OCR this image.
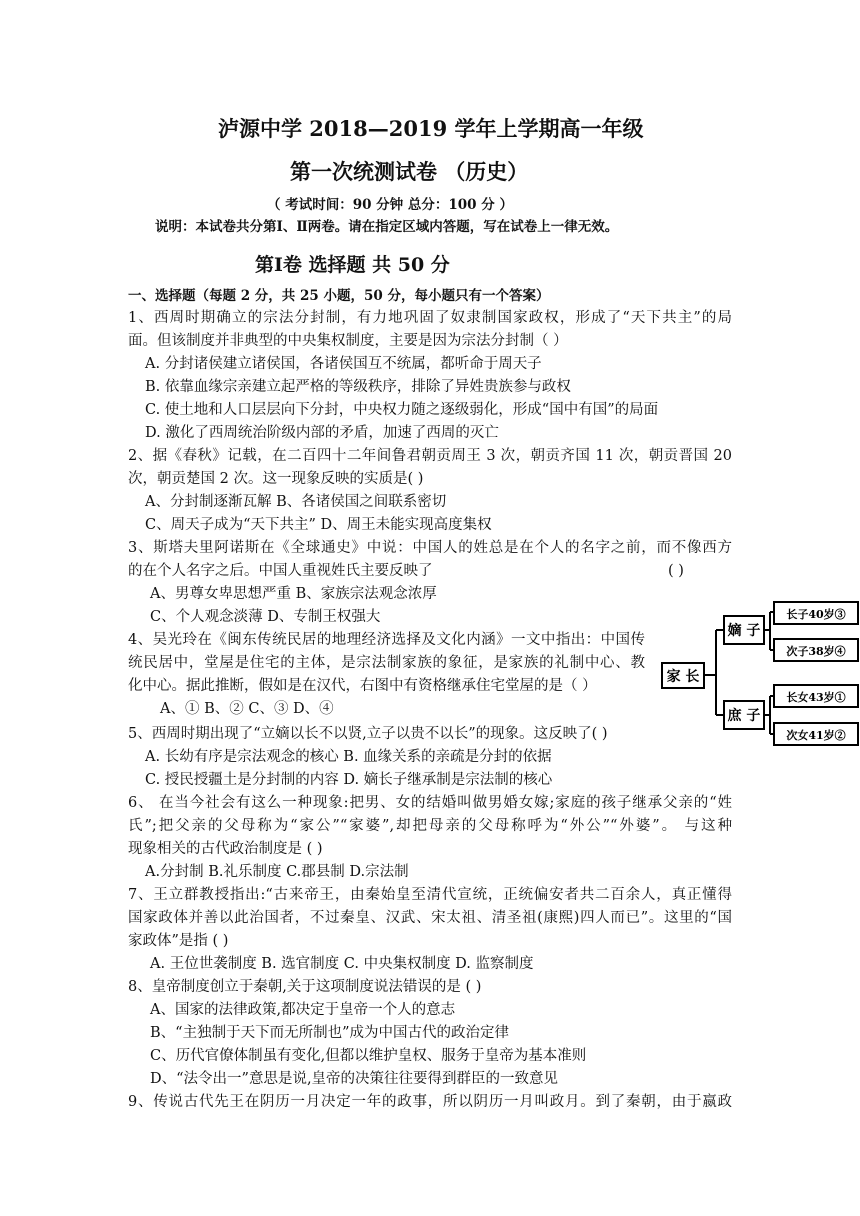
泸源中学 2018—2019 学年上学期高一年级
第一次统测试卷 （历史）
（ 考试时间：90 分钟 总分：100 分 ）
说明：本试卷共分第Ⅰ、Ⅱ两卷。请在指定区域内答题，写在试卷上一律无效。
第Ⅰ卷 选择题 共 50 分
一、选择题（每题 2 分，共 25 小题，50 分，每小题只有一个答案）
1、西周时期确立的宗法分封制，有力地巩固了奴隶制国家政权，形成了“天下共主”的局
面。但该制度并非典型的中央集权制度，主要是因为宗法分封制（ ）
A. 分封诸侯建立诸侯国，各诸侯国互不统属，都听命于周天子
B. 依靠血缘宗亲建立起严格的等级秩序，排除了异姓贵族参与政权
C. 使土地和人口层层向下分封，中央权力随之逐级弱化，形成“国中有国”的局面
D. 激化了西周统治阶级内部的矛盾，加速了西周的灭亡
2、据《春秋》记载，在二百四十二年间鲁君朝贡周王 3 次，朝贡齐国 11 次，朝贡晋国 20
次，朝贡楚国 2 次。这一现象反映的实质是( )
A、分封制逐渐瓦解 B、各诸侯国之间联系密切
C、周天子成为“天下共主” D、周王未能实现高度集权
3、斯塔夫里阿诺斯在《全球通史》中说：中国人的姓总是在个人的名字之前，而不像西方
的在个人名字之后。中国人重视姓氏主要反映了	( )
A、男尊女卑思想严重 B、家族宗法观念浓厚
C、个人观念淡薄 D、专制王权强大
4、吴光玲在《闽东传统民居的地理经济选择及文化内涵》一文中指出：中国传
统民居中，堂屋是住宅的主体，是宗法制家族的象征，是家族的礼制中心、教
化中心。据此推断，假如是在汉代，右图中有资格继承住宅堂屋的是（ ）
A、① B、② C、③ D、④
家 长
嫡 子
庶 子
长子40岁③
次子38岁④
长女43岁①
次女41岁②
5、西周时期出现了“立嫡以长不以贤,立子以贵不以长”的现象。这反映了( )
A. 长幼有序是宗法观念的核心 B. 血缘关系的亲疏是分封的依据
C. 授民授疆土是分封制的内容 D. 嫡长子继承制是宗法制的核心
6、 在当今社会有这么一种现象:把男、女的结婚叫做男婚女嫁;家庭的孩子继承父亲的“姓
氏”;把父亲的父母称为“家公”“家婆”,却把母亲的父母称呼为“外公”“外婆”。 与这种
现象相关的古代政治制度是 ( )
A.分封制 B.礼乐制度 C.郡县制 D.宗法制
7、王立群教授指出:“古来帝王，由秦始皇至清代宣统，正统偏安者共二百余人，真正懂得
国家政体并善以此治国者，不过秦皇、汉武、宋太祖、清圣祖(康熙)四人而已”。这里的“国
家政体”是指 ( )
A. 王位世袭制度 B. 选官制度 C. 中央集权制度 D. 监察制度
8、皇帝制度创立于秦朝,关于这项制度说法错误的是 ( )
A、国家的法律政策,都决定于皇帝一个人的意志
B、“主独制于天下而无所制也”成为中国古代的政治定律
C、历代官僚体制虽有变化,但都以维护皇权、服务于皇帝为基本准则
D、“法令出一”意思是说,皇帝的决策往往要得到群臣的一致意见
9、传说古代先王在阴历一月决定一年的政事，所以阴历一月叫政月。到了秦朝，由于嬴政
